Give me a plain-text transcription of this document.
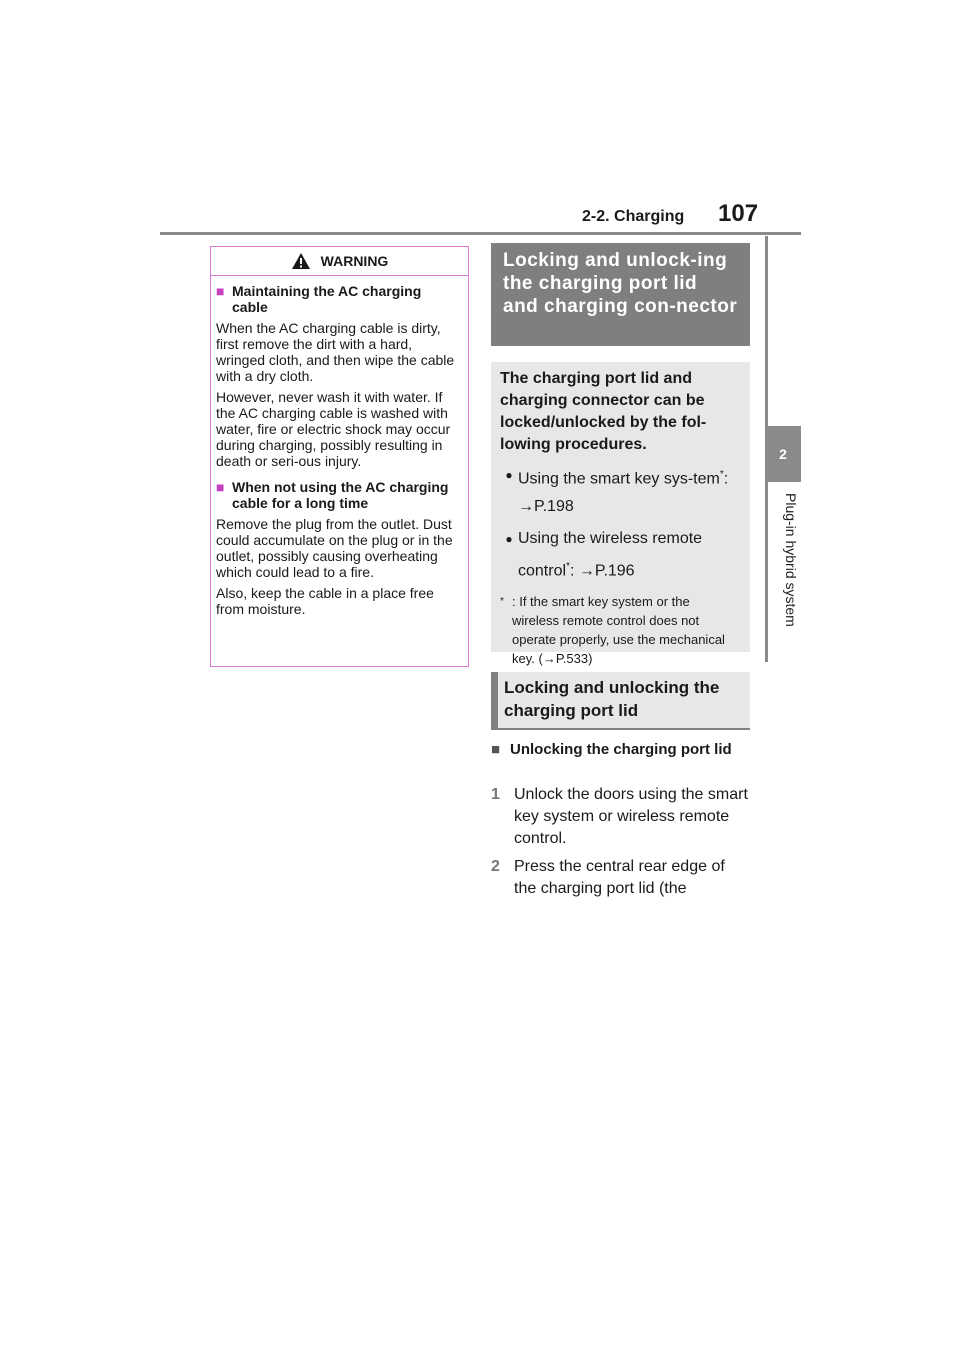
2-2. Charging 107
2
Plug-in hybrid system
WARNING
■ Maintaining the AC charging cable

When the AC charging cable is dirty, first remove the dirt with a hard, wringed cloth, and then wipe the cable with a dry cloth.

However, never wash it with water. If the AC charging cable is washed with water, fire or electric shock may occur during charging, possibly resulting in death or seri-ous injury.

■ When not using the AC charging cable for a long time

Remove the plug from the outlet. Dust could accumulate on the plug or in the outlet, possibly causing overheating which could lead to a fire.

Also, keep the cable in a place free from moisture.

Locking and unlock-ing the charging port lid and charging con-nector
The charging port lid and charging connector can be locked/unlocked by the fol-lowing procedures.
● Using the smart key sys-tem*: →P.198
● Using the wireless remote control*: →P.196
* : If the smart key system or the wireless remote control does not operate properly, use the mechanical key. (→P.533)
Locking and unlocking the charging port lid
■ Unlocking the charging port lid
1 Unlock the doors using the smart key system or wireless remote control.
2 Press the central rear edge of the charging port lid (the
